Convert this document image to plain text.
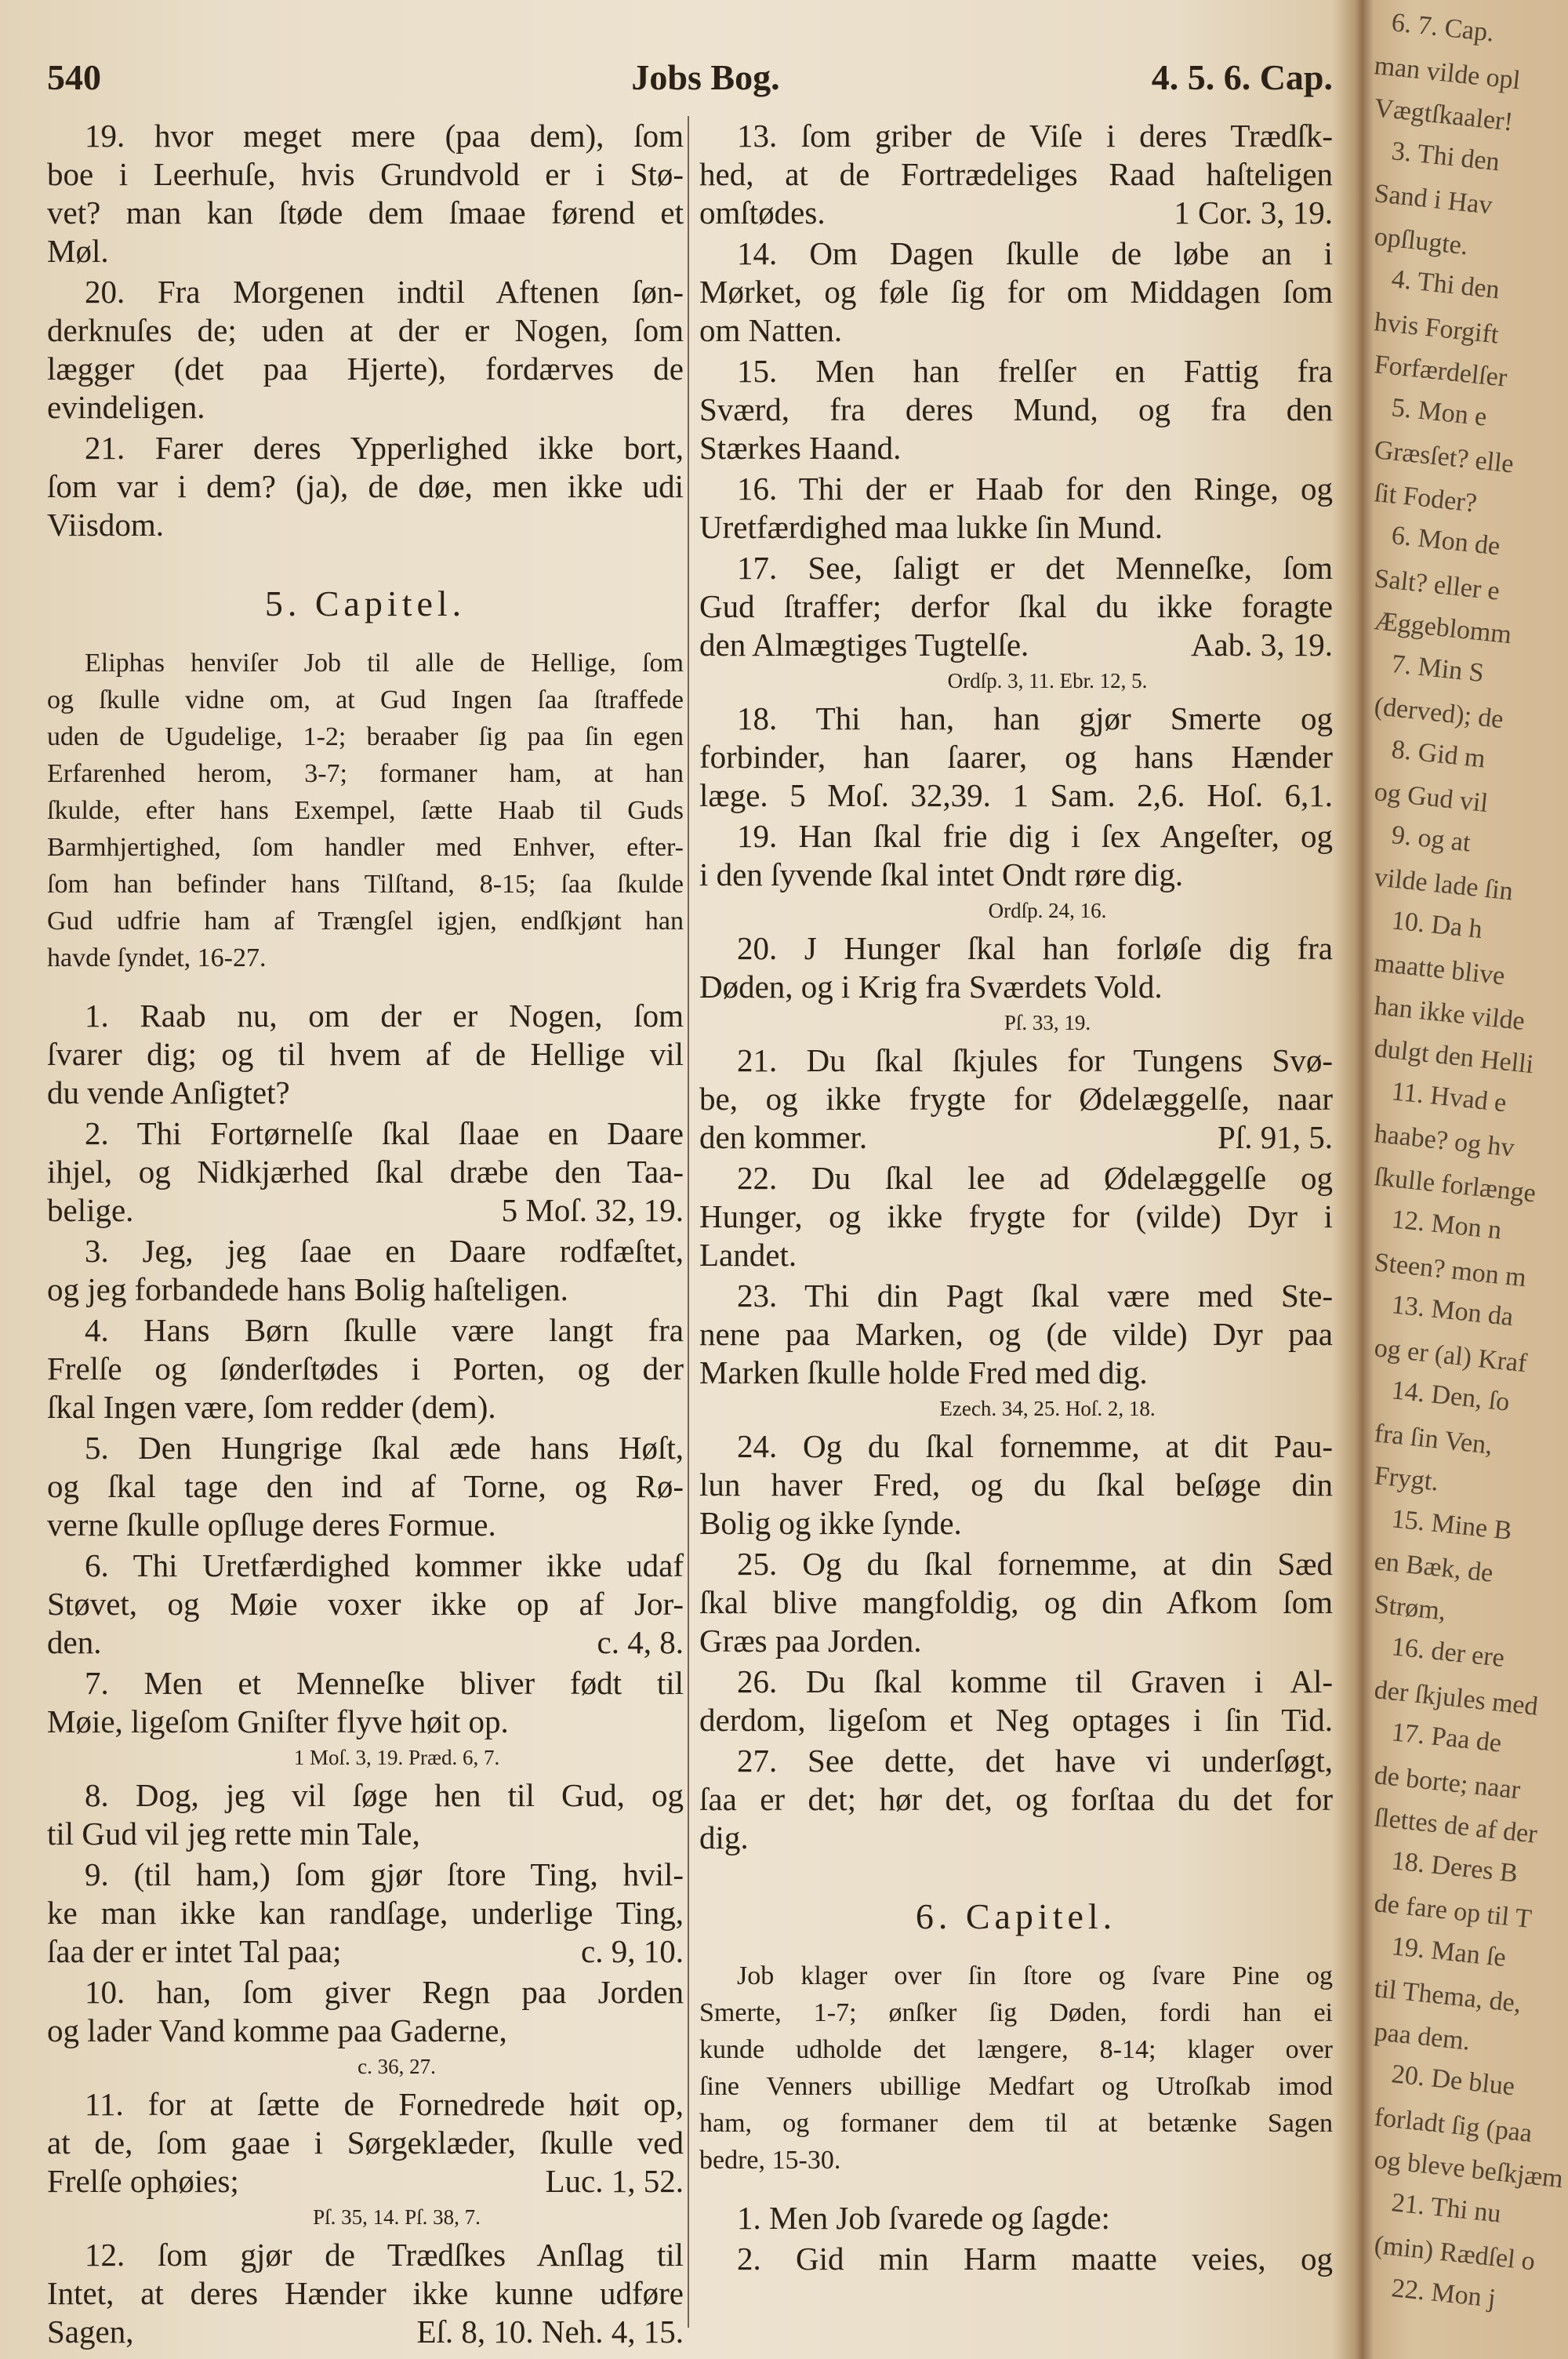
540	Jobs Bog.	4. 5. 6. Cap.
19. hvor meget mere (paa dem), ſom
boe i Leerhuſe, hvis Grundvold er i Stø-
vet? man kan ſtøde dem ſmaae førend et
Møl.
20. Fra Morgenen indtil Aftenen ſøn-
derknuſes de; uden at der er Nogen, ſom
lægger (det paa Hjerte), fordærves de
evindeligen.
21. Farer deres Ypperlighed ikke bort,
ſom var i dem? (ja), de døe, men ikke udi
Viisdom.
5. Capitel.
Eliphas henviſer Job til alle de Hellige, ſom
og ſkulle vidne om, at Gud Ingen ſaa ſtraffede
uden de Ugudelige, 1-2; beraaber ſig paa ſin egen
Erfarenhed herom, 3-7; formaner ham, at han
ſkulde, efter hans Exempel, ſætte Haab til Guds
Barmhjertighed, ſom handler med Enhver, efter-
ſom han befinder hans Tilſtand, 8-15; ſaa ſkulde
Gud udfrie ham af Trængſel igjen, endſkjønt han
havde ſyndet, 16-27.
1. Raab nu, om der er Nogen, ſom
ſvarer dig; og til hvem af de Hellige vil
du vende Anſigtet?
2. Thi Fortørnelſe ſkal ſlaae en Daare
ihjel, og Nidkjærhed ſkal dræbe den Taa-
belige.	5 Moſ. 32, 19.
3. Jeg, jeg ſaae en Daare rodfæſtet,
og jeg forbandede hans Bolig haſteligen.
4. Hans Børn ſkulle være langt fra
Frelſe og ſønderſtødes i Porten, og der
ſkal Ingen være, ſom redder (dem).
5. Den Hungrige ſkal æde hans Høſt,
og ſkal tage den ind af Torne, og Rø-
verne ſkulle opſluge deres Formue.
6. Thi Uretfærdighed kommer ikke udaf
Støvet, og Møie voxer ikke op af Jor-
den.	c. 4, 8.
7. Men et Menneſke bliver født til
Møie, ligeſom Gniſter flyve høit op.
1 Moſ. 3, 19. Præd. 6, 7.
8. Dog, jeg vil ſøge hen til Gud, og
til Gud vil jeg rette min Tale,
9. (til ham,) ſom gjør ſtore Ting, hvil-
ke man ikke kan randſage, underlige Ting,
ſaa der er intet Tal paa;	c. 9, 10.
10. han, ſom giver Regn paa Jorden
og lader Vand komme paa Gaderne,
c. 36, 27.
11. for at ſætte de Fornedrede høit op,
at de, ſom gaae i Sørgeklæder, ſkulle ved
Frelſe ophøies;	Luc. 1, 52.
Pſ. 35, 14. Pſ. 38, 7.
12. ſom gjør de Trædſkes Anſlag til
Intet, at deres Hænder ikke kunne udføre
Sagen,	Eſ. 8, 10. Neh. 4, 15.
13. ſom griber de Viſe i deres Trædſk-
hed, at de Fortrædeliges Raad haſteligen
omſtødes.	1 Cor. 3, 19.
14. Om Dagen ſkulle de løbe an i
Mørket, og føle ſig for om Middagen ſom
om Natten.
15. Men han frelſer en Fattig fra
Sværd, fra deres Mund, og fra den
Stærkes Haand.
16. Thi der er Haab for den Ringe, og
Uretfærdighed maa lukke ſin Mund.
17. See, ſaligt er det Menneſke, ſom
Gud ſtraffer; derfor ſkal du ikke foragte
den Almægtiges Tugtelſe.	Aab. 3, 19.
Ordſp. 3, 11. Ebr. 12, 5.
18. Thi han, han gjør Smerte og
forbinder, han ſaarer, og hans Hænder
læge. 5 Moſ. 32,39. 1 Sam. 2,6. Hoſ. 6,1.
19. Han ſkal frie dig i ſex Angeſter, og
i den ſyvende ſkal intet Ondt røre dig.
Ordſp. 24, 16.
20. J Hunger ſkal han forløſe dig fra
Døden, og i Krig fra Sværdets Vold.
Pſ. 33, 19.
21. Du ſkal ſkjules for Tungens Svø-
be, og ikke frygte for Ødelæggelſe, naar
den kommer.	Pſ. 91, 5.
22. Du ſkal lee ad Ødelæggelſe og
Hunger, og ikke frygte for (vilde) Dyr i
Landet.
23. Thi din Pagt ſkal være med Ste-
nene paa Marken, og (de vilde) Dyr paa
Marken ſkulle holde Fred med dig.
Ezech. 34, 25. Hoſ. 2, 18.
24. Og du ſkal fornemme, at dit Pau-
lun haver Fred, og du ſkal beſøge din
Bolig og ikke ſynde.
25. Og du ſkal fornemme, at din Sæd
ſkal blive mangfoldig, og din Afkom ſom
Græs paa Jorden.
26. Du ſkal komme til Graven i Al-
derdom, ligeſom et Neg optages i ſin Tid.
27. See dette, det have vi underſøgt,
ſaa er det; hør det, og forſtaa du det for
dig.
6. Capitel.
Job klager over ſin ſtore og ſvare Pine og
Smerte, 1-7; ønſker ſig Døden, fordi han ei
kunde udholde det længere, 8-14; klager over
ſine Venners ubillige Medfart og Utroſkab imod
ham, og formaner dem til at betænke Sagen
bedre, 15-30.
1. Men Job ſvarede og ſagde:
2. Gid min Harm maatte veies, og
6. 7. Cap.
man vilde opl
Vægtſkaaler!
3. Thi den
Sand i Hav
opſlugte.
4. Thi den
hvis Forgift
Forfærdelſer
5. Mon e
Græsſet? elle
ſit Foder?
6. Mon de
Salt? eller e
Æggeblomm
7. Min S
(derved); de
8. Gid m
og Gud vil
9. og at
vilde lade ſin
10. Da h
maatte blive
han ikke vilde
dulgt den Helli
11. Hvad e
haabe? og hv
ſkulle forlænge
12. Mon n
Steen? mon m
13. Mon da
og er (al) Kraf
14. Den, ſo
fra ſin Ven,
Frygt.
15. Mine B
en Bæk, de
Strøm,
16. der ere
der ſkjules med
17. Paa de
de borte; naar
ſlettes de af der
18. Deres B
de fare op til T
19. Man ſe
til Thema, de,
paa dem.
20. De blue
forladt ſig (paa
og bleve beſkjæm
21. Thi nu
(min) Rædſel o
22. Mon j
